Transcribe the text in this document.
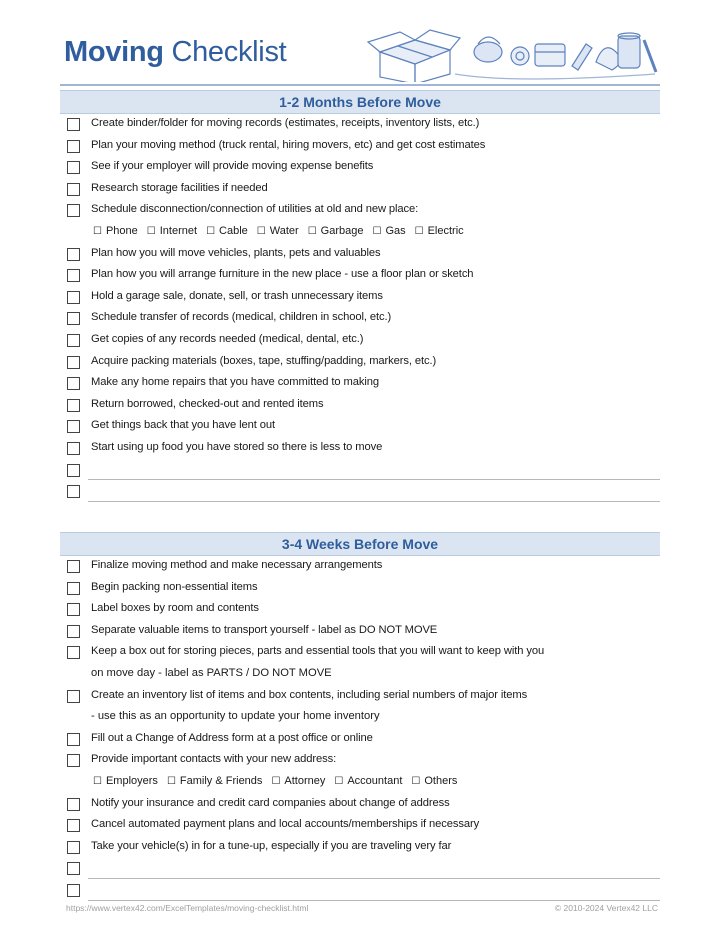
Moving Checklist
1-2 Months Before Move
Create binder/folder for moving records (estimates, receipts, inventory lists, etc.)
Plan your moving method (truck rental, hiring movers, etc) and get cost estimates
See if your employer will provide moving expense benefits
Research storage facilities if needed
Schedule disconnection/connection of utilities at old and new place:
☐ Phone ☐ Internet ☐ Cable ☐ Water ☐ Garbage ☐ Gas ☐ Electric
Plan how you will move vehicles, plants, pets and valuables
Plan how you will arrange furniture in the new place - use a floor plan or sketch
Hold a garage sale, donate, sell, or trash unnecessary items
Schedule transfer of records (medical, children in school, etc.)
Get copies of any records needed (medical, dental, etc.)
Acquire packing materials (boxes, tape, stuffing/padding, markers, etc.)
Make any home repairs that you have committed to making
Return borrowed, checked-out and rented items
Get things back that you have lent out
Start using up food you have stored so there is less to move
3-4 Weeks Before Move
Finalize moving method and make necessary arrangements
Begin packing non-essential items
Label boxes by room and contents
Separate valuable items to transport yourself - label as DO NOT MOVE
Keep a box out for storing pieces, parts and essential tools that you will want to keep with you
on move day - label as PARTS / DO NOT MOVE
Create an inventory list of items and box contents, including serial numbers of major items
- use this as an opportunity to update your home inventory
Fill out a Change of Address form at a post office or online
Provide important contacts with your new address:
☐ Employers ☐ Family & Friends ☐ Attorney ☐ Accountant ☐ Others
Notify your insurance and credit card companies about change of address
Cancel automated payment plans and local accounts/memberships if necessary
Take your vehicle(s) in for a tune-up, especially if you are traveling very far
https://www.vertex42.com/ExcelTemplates/moving-checklist.html	© 2010-2024 Vertex42 LLC
